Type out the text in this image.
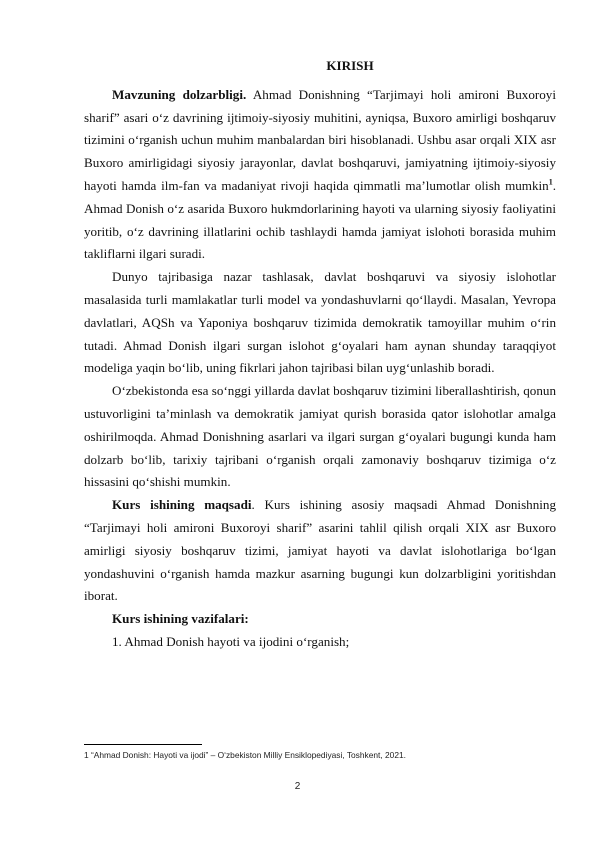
KIRISH

Mavzuning dolzarbligi. Ahmad Donishning “Tarjimayi holi amironi Buxoroyi sharif” asari o‘z davrining ijtimoiy-siyosiy muhitini, ayniqsa, Buxoro amirligi boshqaruv tizimini o‘rganish uchun muhim manbalardan biri hisoblanadi. Ushbu asar orqali XIX asr Buxoro amirligidagi siyosiy jarayonlar, davlat boshqaruvi, jamiyatning ijtimoiy-siyosiy hayoti hamda ilm-fan va madaniyat rivoji haqida qimmatli ma’lumotlar olish mumkin$^1$. Ahmad Donish o‘z asarida Buxoro hukmdorlarining hayoti va ularning siyosiy faoliyatini yoritib, o‘z davrining illatlarini ochib tashlaydi hamda jamiyat islohoti borasida muhim takliflarni ilgari suradi.

Dunyo tajribasiga nazar tashlasak, davlat boshqaruvi va siyosiy islohotlar masalasida turli mamlakatlar turli model va yondashuvlarni qo‘llaydi. Masalan, Yevropa davlatlari, AQSh va Yaponiya boshqaruv tizimida demokratik tamoyillar muhim o‘rin tutadi. Ahmad Donish ilgari surgan islohot g‘oyalari ham aynan shunday taraqqiyot modeliga yaqin bo‘lib, uning fikrlari jahon tajribasi bilan uyg‘unlashib boradi.

O‘zbekistonda esa so‘nggi yillarda davlat boshqaruv tizimini liberallashtirish, qonun ustuvorligini ta’minlash va demokratik jamiyat qurish borasida qator islohotlar amalga oshirilmoqda. Ahmad Donishning asarlari va ilgari surgan g‘oyalari bugungi kunda ham dolzarb bo‘lib, tarixiy tajribani o‘rganish orqali zamonaviy boshqaruv tizimiga o‘z hissasini qo‘shishi mumkin.

Kurs ishining maqsadi. Kurs ishining asosiy maqsadi Ahmad Donishning “Tarjimayi holi amironi Buxoroyi sharif” asarini tahlil qilish orqali XIX asr Buxoro amirligi siyosiy boshqaruv tizimi, jamiyat hayoti va davlat islohotlariga bo‘lgan yondashuvini o‘rganish hamda mazkur asarning bugungi kun dolzarbligini yoritishdan iborat.

Kurs ishining vazifalari:

1. Ahmad Donish hayoti va ijodini o‘rganish;

1 “Ahmad Donish: Hayoti va ijodi” – O‘zbekiston Milliy Ensiklopediyasi, Toshkent, 2021.
2
